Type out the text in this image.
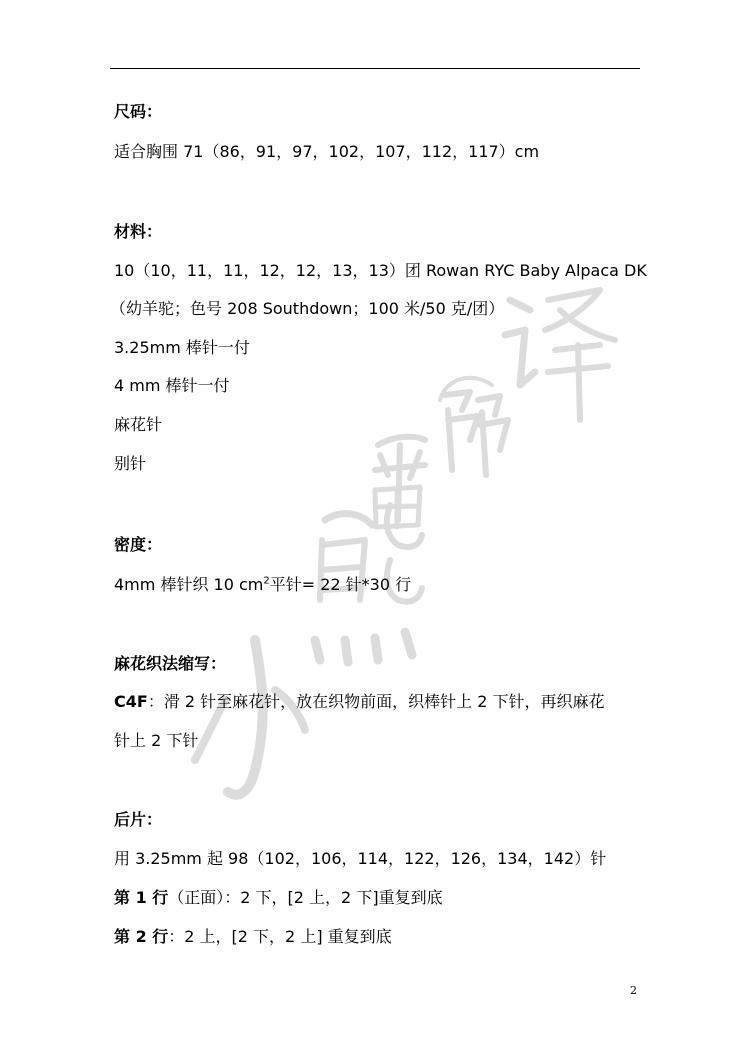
尺码：
适合胸围 71（86，91，97，102，107，112，117）cm
材料：
10（10，11，11，12，12，13，13）团 Rowan RYC Baby Alpaca DK
（幼羊驼；色号 208 Southdown；100 米/50 克/团）
3.25mm 棒针一付
4 mm 棒针一付
麻花针
别针
密度：
4mm 棒针织 10 $cm^2$平针= 22 针*30 行
麻花织法缩写：
C4F：滑 2 针至麻花针，放在织物前面，织棒针上 2 下针，再织麻花
针上 2 下针
后片：
用 3.25mm 起 98（102，106，114，122，126，134，142）针
第 1 行（正面）：2 下，[2 上，2 下]重复到底
第 2 行：2 上，[2 下，2 上] 重复到底
2
